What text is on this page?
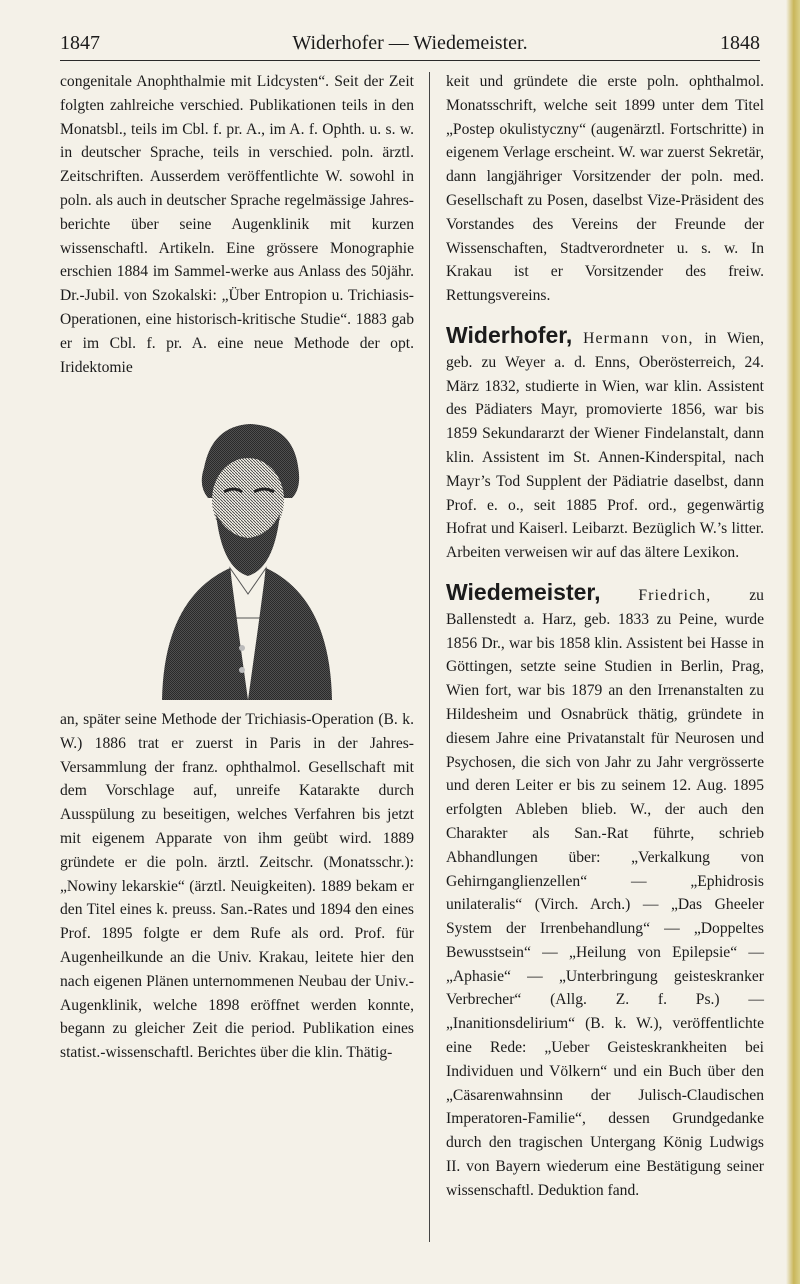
1847	Widerhofer — Wiedemeister.	1848

congenitale Anophthalmie mit Lidcysten“. Seit der Zeit folgten zahlreiche verschied. Publikationen teils in den Monatsbl., teils im Cbl. f. pr. A., im A. f. Ophth. u. s. w. in deutscher Sprache, teils in verschied. poln. ärztl. Zeitschriften. Ausserdem veröffentlichte W. sowohl in poln. als auch in deutscher Sprache regelmässige Jahres-berichte über seine Augenklinik mit kurzen wissenschaftl. Artikeln. Eine grössere Monographie erschien 1884 im Sammel-werke aus Anlass des 50jähr. Dr.-Jubil. von Szokalski: „Über Entropion u. Trichiasis-Operationen, eine historisch-kritische Studie“. 1883 gab er im Cbl. f. pr. A. eine neue Methode der opt. Iridektomie

an, später seine Methode der Trichiasis-Operation (B. k. W.) 1886 trat er zuerst in Paris in der Jahres-Versammlung der franz. ophthalmol. Gesellschaft mit dem Vorschlage auf, unreife Katarakte durch Ausspülung zu beseitigen, welches Verfahren bis jetzt mit eigenem Apparate von ihm geübt wird. 1889 gründete er die poln. ärztl. Zeitschr. (Monatsschr.): „Nowiny lekarskie“ (ärztl. Neuigkeiten). 1889 bekam er den Titel eines k. preuss. San.-Rates und 1894 den eines Prof. 1895 folgte er dem Rufe als ord. Prof. für Augenheilkunde an die Univ. Krakau, leitete hier den nach eigenen Plänen unternommenen Neubau der Univ.-Augenklinik, welche 1898 eröffnet werden konnte, begann zu gleicher Zeit die period. Publikation eines statist.-wissenschaftl. Berichtes über die klin. Thätig-

keit und gründete die erste poln. ophthalmol. Monatsschrift, welche seit 1899 unter dem Titel „Postep okulistyczny“ (augenärztl. Fortschritte) in eigenem Verlage erscheint. W. war zuerst Sekretär, dann langjähriger Vorsitzender der poln. med. Gesellschaft zu Posen, daselbst Vize-Präsident des Vorstandes des Vereins der Freunde der Wissenschaften, Stadtverordneter u. s. w. In Krakau ist er Vorsitzender des freiw. Rettungsvereins.

Widerhofer, Hermann von, in Wien, geb. zu Weyer a. d. Enns, Oberösterreich, 24. März 1832, studierte in Wien, war klin. Assistent des Pädiaters Mayr, promovierte 1856, war bis 1859 Sekundararzt der Wiener Findelanstalt, dann klin. Assistent im St. Annen-Kinderspital, nach Mayr’s Tod Supplent der Pädiatrie daselbst, dann Prof. e. o., seit 1885 Prof. ord., gegenwärtig Hofrat und Kaiserl. Leibarzt. Bezüglich W.’s litter. Arbeiten verweisen wir auf das ältere Lexikon.

Wiedemeister, Friedrich, zu Ballenstedt a. Harz, geb. 1833 zu Peine, wurde 1856 Dr., war bis 1858 klin. Assistent bei Hasse in Göttingen, setzte seine Studien in Berlin, Prag, Wien fort, war bis 1879 an den Irrenanstalten zu Hildesheim und Osnabrück thätig, gründete in diesem Jahre eine Privatanstalt für Neurosen und Psychosen, die sich von Jahr zu Jahr vergrösserte und deren Leiter er bis zu seinem 12. Aug. 1895 erfolgten Ableben blieb. W., der auch den Charakter als San.-Rat führte, schrieb Abhandlungen über: „Verkalkung von Gehirnganglienzellen“ — „Ephidrosis unilateralis“ (Virch. Arch.) — „Das Gheeler System der Irrenbehandlung“ — „Doppeltes Bewusstsein“ — „Heilung von Epilepsie“ — „Aphasie“ — „Unterbringung geisteskranker Verbrecher“ (Allg. Z. f. Ps.) — „Inanitionsdelirium“ (B. k. W.), veröffentlichte eine Rede: „Ueber Geisteskrankheiten bei Individuen und Völkern“ und ein Buch über den „Cäsarenwahnsinn der Julisch-Claudischen Imperatoren-Familie“, dessen Grundgedanke durch den tragischen Untergang König Ludwigs II. von Bayern wiederum eine Bestätigung seiner wissenschaftl. Deduktion fand.
